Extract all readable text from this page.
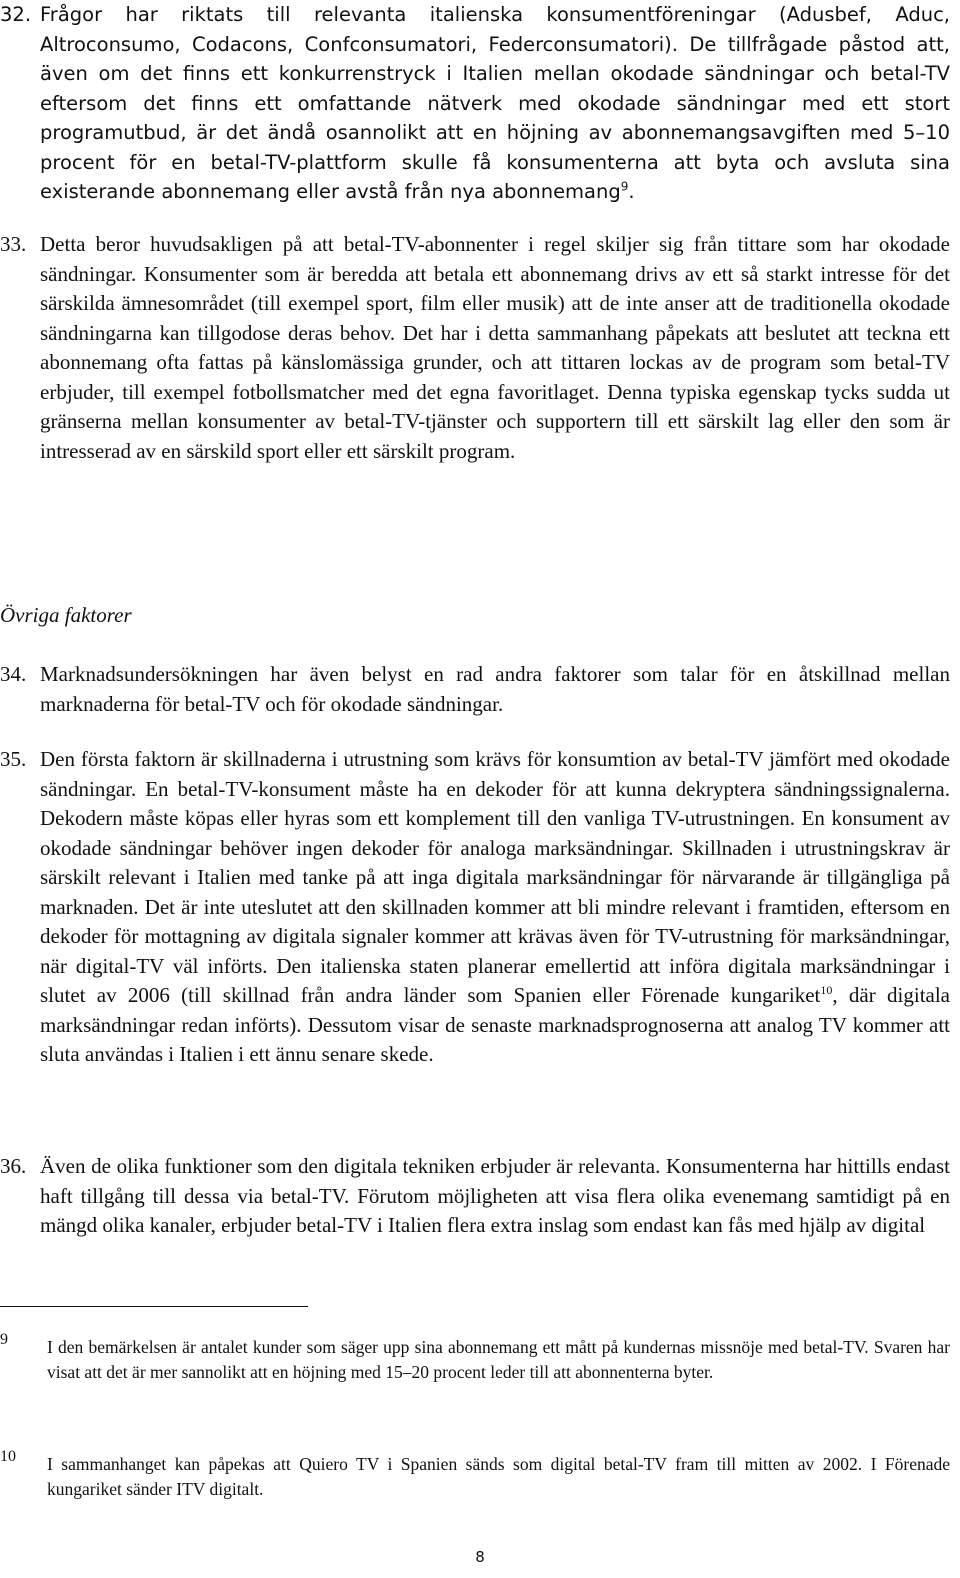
32. Frågor har riktats till relevanta italienska konsumentföreningar (Adusbef, Aduc, Altroconsumo, Codacons, Confconsumatori, Federconsumatori). De tillfrågade påstod att, även om det finns ett konkurrenstryck i Italien mellan okodade sändningar och betal-TV eftersom det finns ett omfattande nätverk med okodade sändningar med ett stort programutbud, är det ändå osannolikt att en höjning av abonnemangsavgiften med 5–10 procent för en betal-TV-plattform skulle få konsumenterna att byta och avsluta sina existerande abonnemang eller avstå från nya abonnemang$^9$.
33. Detta beror huvudsakligen på att betal-TV-abonnenter i regel skiljer sig från tittare som har okodade sändningar. Konsumenter som är beredda att betala ett abonnemang drivs av ett så starkt intresse för det särskilda ämnesområdet (till exempel sport, film eller musik) att de inte anser att de traditionella okodade sändningarna kan tillgodose deras behov. Det har i detta sammanhang påpekats att beslutet att teckna ett abonnemang ofta fattas på känslomässiga grunder, och att tittaren lockas av de program som betal-TV erbjuder, till exempel fotbollsmatcher med det egna favoritlaget. Denna typiska egenskap tycks sudda ut gränserna mellan konsumenter av betal-TV-tjänster och supportern till ett särskilt lag eller den som är intresserad av en särskild sport eller ett särskilt program.
Övriga faktorer
34. Marknadsundersökningen har även belyst en rad andra faktorer som talar för en åtskillnad mellan marknaderna för betal-TV och för okodade sändningar.
35. Den första faktorn är skillnaderna i utrustning som krävs för konsumtion av betal-TV jämfört med okodade sändningar. En betal-TV-konsument måste ha en dekoder för att kunna dekryptera sändningssignalerna. Dekodern måste köpas eller hyras som ett komplement till den vanliga TV-utrustningen. En konsument av okodade sändningar behöver ingen dekoder för analoga marksändningar. Skillnaden i utrustningskrav är särskilt relevant i Italien med tanke på att inga digitala marksändningar för närvarande är tillgängliga på marknaden. Det är inte uteslutet att den skillnaden kommer att bli mindre relevant i framtiden, eftersom en dekoder för mottagning av digitala signaler kommer att krävas även för TV-utrustning för marksändningar, när digital-TV väl införts. Den italienska staten planerar emellertid att införa digitala marksändningar i slutet av 2006 (till skillnad från andra länder som Spanien eller Förenade kungariket$^{10}$, där digitala marksändningar redan införts). Dessutom visar de senaste marknadsprognoserna att analog TV kommer att sluta användas i Italien i ett ännu senare skede.
36. Även de olika funktioner som den digitala tekniken erbjuder är relevanta. Konsumenterna har hittills endast haft tillgång till dessa via betal-TV. Förutom möjligheten att visa flera olika evenemang samtidigt på en mängd olika kanaler, erbjuder betal-TV i Italien flera extra inslag som endast kan fås med hjälp av digital
9 I den bemärkelsen är antalet kunder som säger upp sina abonnemang ett mått på kundernas missnöje med betal-TV. Svaren har visat att det är mer sannolikt att en höjning med 15–20 procent leder till att abonnenterna byter.
10 I sammanhanget kan påpekas att Quiero TV i Spanien sänds som digital betal-TV fram till mitten av 2002. I Förenade kungariket sänder ITV digitalt.
8
